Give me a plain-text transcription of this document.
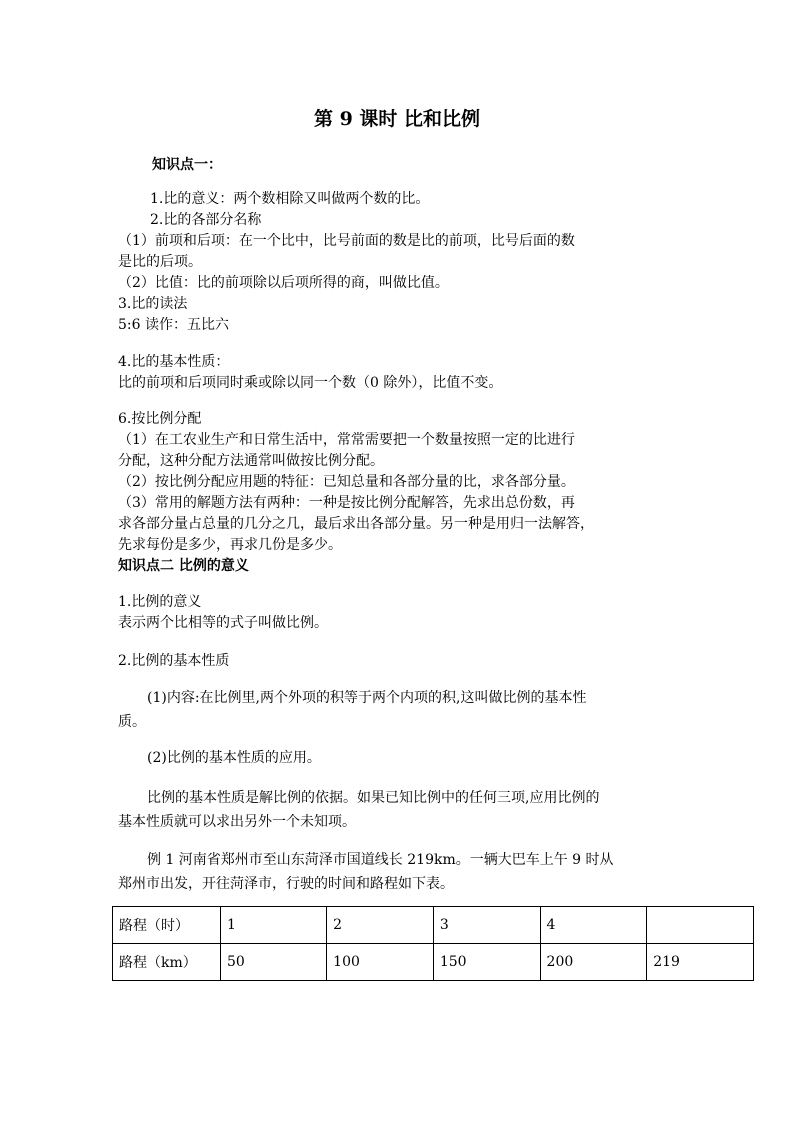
第 9 课时 比和比例
知识点一：
1.比的意义：两个数相除又叫做两个数的比。
2.比的各部分名称
（1）前项和后项：在一个比中，比号前面的数是比的前项，比号后面的数
是比的后项。
（2）比值：比的前项除以后项所得的商，叫做比值。
3.比的读法
5:6 读作：五比六
4.比的基本性质：
比的前项和后项同时乘或除以同一个数（0 除外），比值不变。
6.按比例分配
（1）在工农业生产和日常生活中，常常需要把一个数量按照一定的比进行
分配，这种分配方法通常叫做按比例分配。
（2）按比例分配应用题的特征：已知总量和各部分量的比，求各部分量。
（3）常用的解题方法有两种：一种是按比例分配解答，先求出总份数，再
求各部分量占总量的几分之几，最后求出各部分量。另一种是用归一法解答，
先求每份是多少，再求几份是多少。
知识点二 比例的意义
1.比例的意义
表示两个比相等的式子叫做比例。
2.比例的基本性质
(1)内容:在比例里,两个外项的积等于两个内项的积,这叫做比例的基本性
质。
(2)比例的基本性质的应用。
比例的基本性质是解比例的依据。如果已知比例中的任何三项,应用比例的
基本性质就可以求出另外一个未知项。
例 1 河南省郑州市至山东菏泽市国道线长 219km。一辆大巴车上午 9 时从
郑州市出发，开往菏泽市，行驶的时间和路程如下表。
路程（时）	1	2	3	4	
路程（km）	50	100	150	200	219
